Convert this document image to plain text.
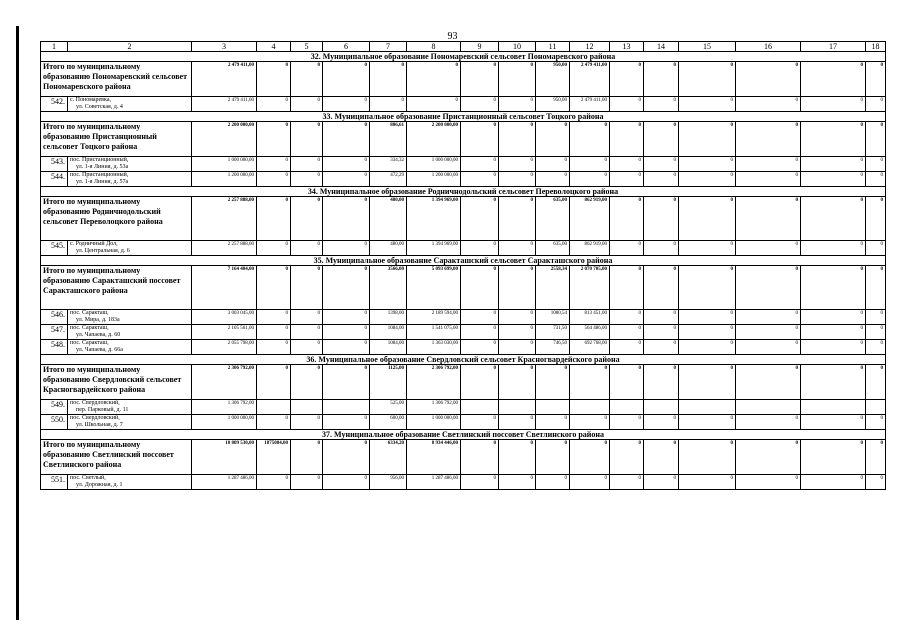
93
1	2	3	4	5	6	7	8	9	10	11	12	13	14	15	16	17	18
32. Муниципальное образование Пономаревский сельсовет Пономаревского района																	
Итого по муниципальному образованию Пономаревский сельсовет Пономаревского района		2 479 411,00	0	0	0	0	0	0	0	950,00	2 479 411,00	0	0	0	0	0	0
542.	с. Пономаревка,
ул. Советская, д. 4	2 479 411,00	0	0	0	0	0	0	0	950,00	2 479 411,00	0	0	0	0	0	0
33. Муниципальное образование Пристанционный сельсовет Тоцкого района																	
Итого по муниципальному образованию Пристанционный сельсовет Тоцкого района		2 200 000,00	0	0	0	806,61	2 200 000,00	0	0	0	0	0	0	0	0	0	0
543.	пос. Пристанционный,
ул. 1-я Линия, д. 53а	1 000 000,00	0	0	0	334,32	1 000 000,00	0	0	0	0	0	0	0	0	0	0
544.	пос. Пристанционный,
ул. 1-я Линия, д. 57а	1 200 000,00	0	0	0	472,29	1 200 000,00	0	0	0	0	0	0	0	0	0	0
34. Муниципальное образование Родничнодольский сельсовет Переволоцкого района																	
Итого по муниципальному образованию Родничнодольский сельсовет Переволоцкого района		2 257 888,00	0	0	0	480,00	1 394 969,00	0	0	635,00	862 919,00	0	0	0	0	0	0
545.	с. Родничный Дол,
ул. Центральная, д. 6	2 257 888,00	0	0	0	480,00	1 394 969,00	0	0	635,00	862 919,00	0	0	0	0	0	0
35. Муниципальное образование Саракташский сельсовет Саракташского района																	
Итого по муниципальному образованию Саракташский поссовет Саракташского района		7 164 404,00	0	0	0	3566,00	5 093 699,00	0	0	2558,34	2 070 705,00	0	0	0	0	0	0
546.	пос. Саракташ,
ул. Мира, д. 183а	3 003 045,00	0	0	0	1398,00	2 189 594,00	0	0	1080,54	813 451,00	0	0	0	0	0	0
547.	пос. Саракташ,
ул. Чапаева, д. 60	2 105 561,00	0	0	0	1084,00	1 541 075,00	0	0	731,50	564 486,00	0	0	0	0	0	0
548.	пос. Саракташ,
ул. Чапаева, д. 66а	2 055 798,00	0	0	0	1084,00	1 363 030,00	0	0	746,50	692 768,00	0	0	0	0	0	0
36. Муниципальное образование Свердловский сельсовет Красногвардейского района																	
Итого по муниципальному образованию Свердловский сельсовет Красногвардейского района		2 306 792,00	0	0	0	1125,00	2 306 792,00	0	0	0	0	0	0	0	0	0	0
549.	пос. Свердловский,
пер. Парковый, д. 11	1 306 792,00				525,00	1 306 792,00										
550.	пос. Свердловский,
ул. Школьная, д. 7	1 000 000,00	0	0	0	600,00	1 000 000,00	0	0	0	0	0	0	0	0	0	0
37. Муниципальное образование Светлинский поссовет Светлинского района																	
Итого по муниципальному образованию Светлинский поссовет Светлинского района		10 809 530,00	1875084,00	0	0	6334,20	8 934 446,00	0	0	0	0	0	0	0	0	0	0
551.	пос. Светлый,
ул. Дорожная, д. 1	1 287 486,00	0	0	0	956,00	1 287 486,00	0	0	0	0	0	0	0	0	0	0
